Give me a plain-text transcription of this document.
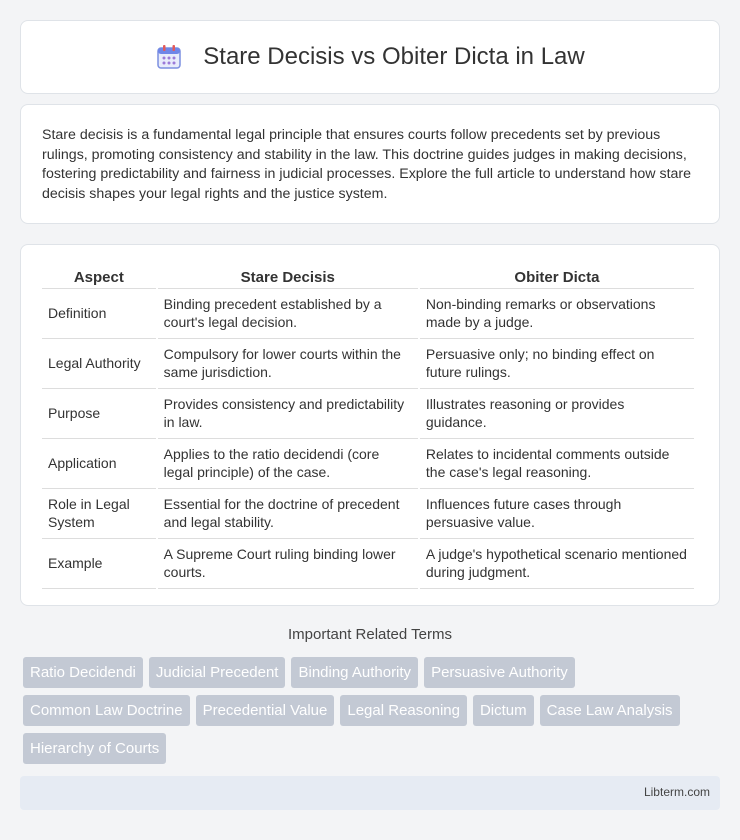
Stare Decisis vs Obiter Dicta in Law

Stare decisis is a fundamental legal principle that ensures courts follow precedents set by previous rulings, promoting consistency and stability in the law. This doctrine guides judges in making decisions, fostering predictability and fairness in judicial processes. Explore the full article to understand how stare decisis shapes your legal rights and the justice system.

Aspect	Stare Decisis	Obiter Dicta
Definition	Binding precedent established by a court's legal decision.	Non-binding remarks or observations made by a judge.
Legal Authority	Compulsory for lower courts within the same jurisdiction.	Persuasive only; no binding effect on future rulings.
Purpose	Provides consistency and predictability in law.	Illustrates reasoning or provides guidance.
Application	Applies to the ratio decidendi (core legal principle) of the case.	Relates to incidental comments outside the case's legal reasoning.
Role in Legal System	Essential for the doctrine of precedent and legal stability.	Influences future cases through persuasive value.
Example	A Supreme Court ruling binding lower courts.	A judge's hypothetical scenario mentioned during judgment.
Important Related Terms
Ratio Decidendi	Judicial Precedent	Binding Authority	Persuasive Authority
Common Law Doctrine	Precedential Value	Legal Reasoning	Dictum	Case Law Analysis
Hierarchy of Courts
Libterm.com
